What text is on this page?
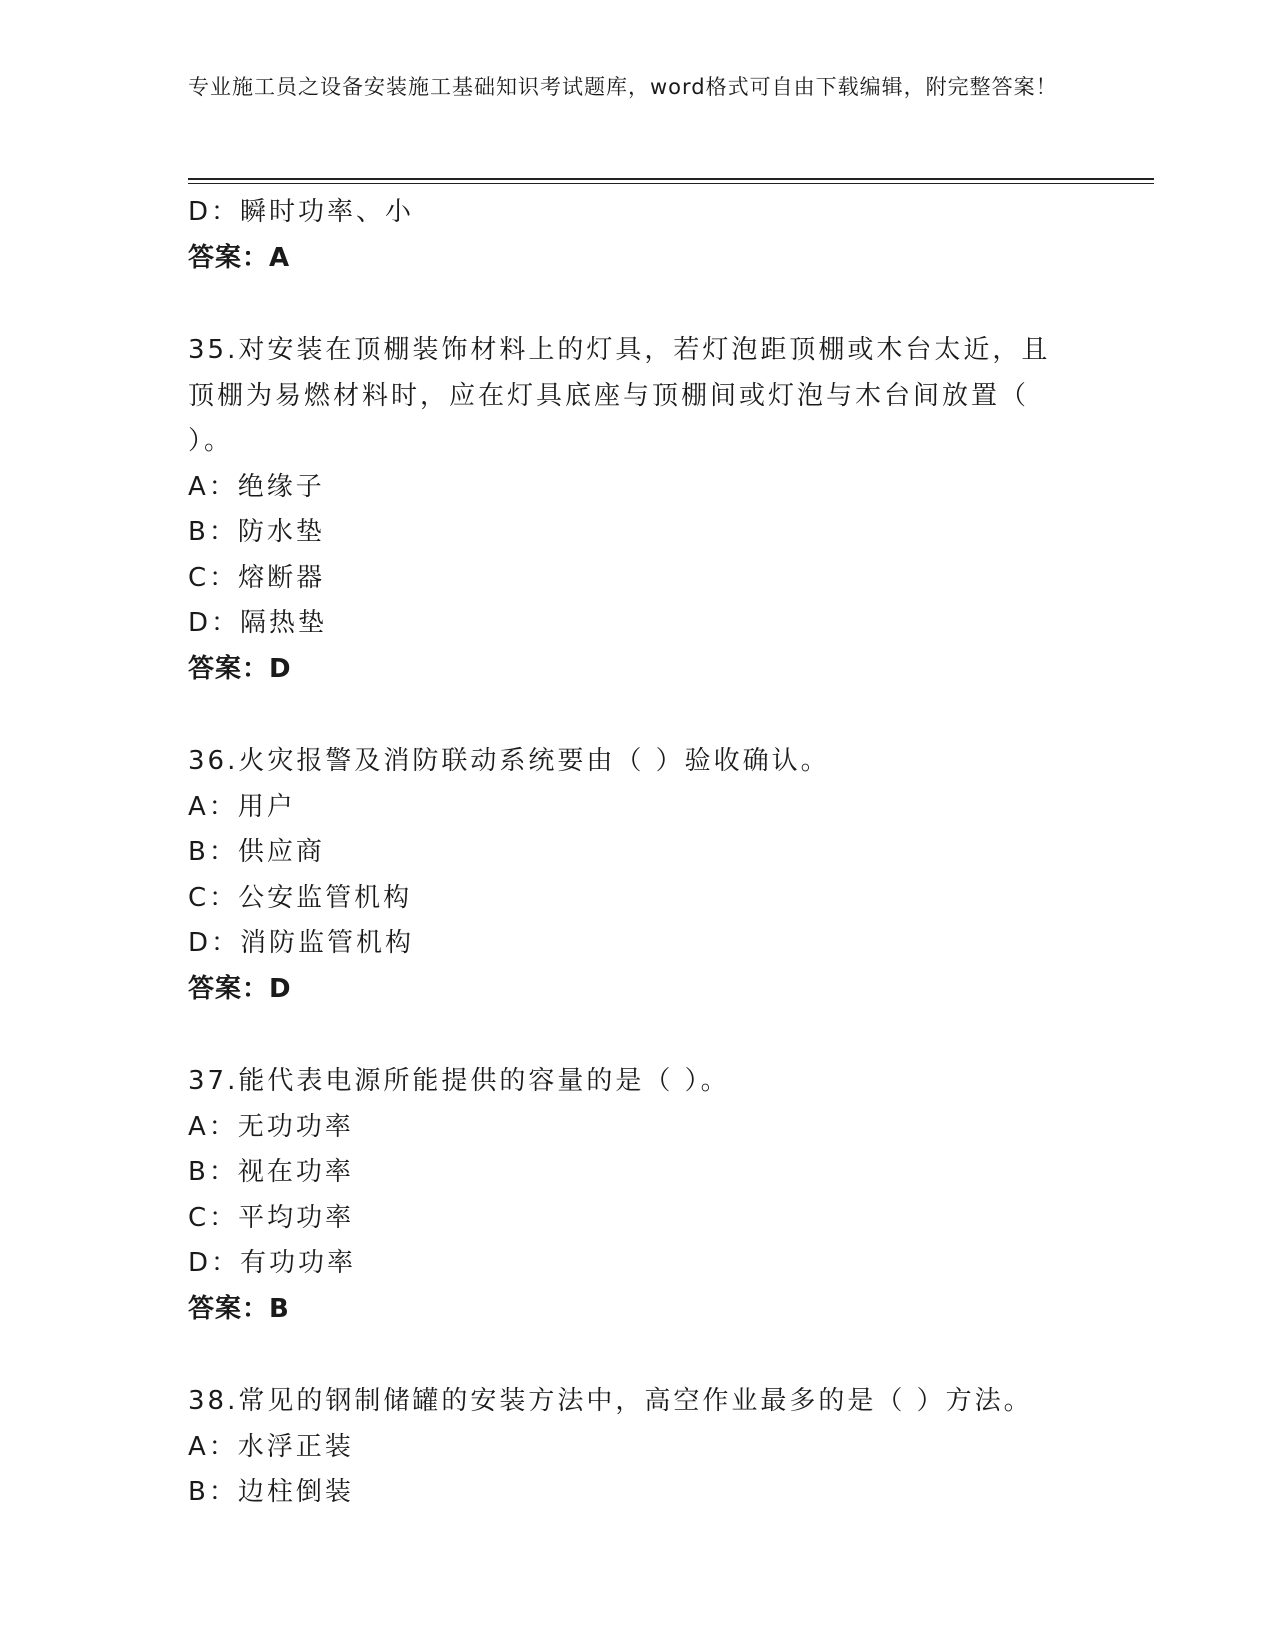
专业施工员之设备安装施工基础知识考试题库，word格式可自由下载编辑，附完整答案！
D：瞬时功率、小
答案：A
35.对安装在顶棚装饰材料上的灯具，若灯泡距顶棚或木台太近，且顶棚为易燃材料时，应在灯具底座与顶棚间或灯泡与木台间放置（ ）。
A：绝缘子
B：防水垫
C：熔断器
D：隔热垫
答案：D
36.火灾报警及消防联动系统要由（ ）验收确认。
A：用户
B：供应商
C：公安监管机构
D：消防监管机构
答案：D
37.能代表电源所能提供的容量的是（ ）。
A：无功功率
B：视在功率
C：平均功率
D：有功功率
答案：B
38.常见的钢制储罐的安装方法中，高空作业最多的是（ ）方法。
A：水浮正装
B：边柱倒装
